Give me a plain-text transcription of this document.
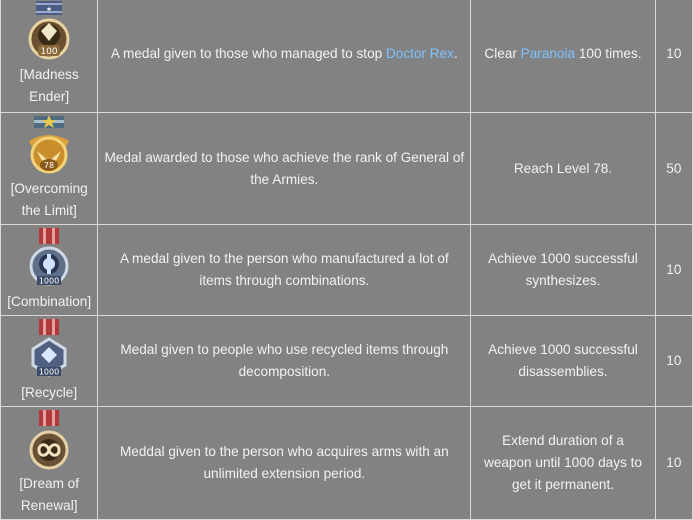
✶
100
[Madness Ender]	A medal given to those who managed to stop Doctor Rex.	Clear Paranoia 100 times.	10

78
[Overcoming the Limit]	Medal awarded to those who achieve the rank of General of the Armies.	Reach Level 78.	50

1000
[Combination]	A medal given to the person who manufactured a lot of items through combinations.	Achieve 1000 successful synthesizes.	10

1000
[Recycle]	Medal given to people who use recycled items through decomposition.	Achieve 1000 successful disassemblies.	10

[Dream of Renewal]	Meddal given to the person who acquires arms with an unlimited extension period.	Extend duration of a weapon until 1000 days to get it permanent.	10
